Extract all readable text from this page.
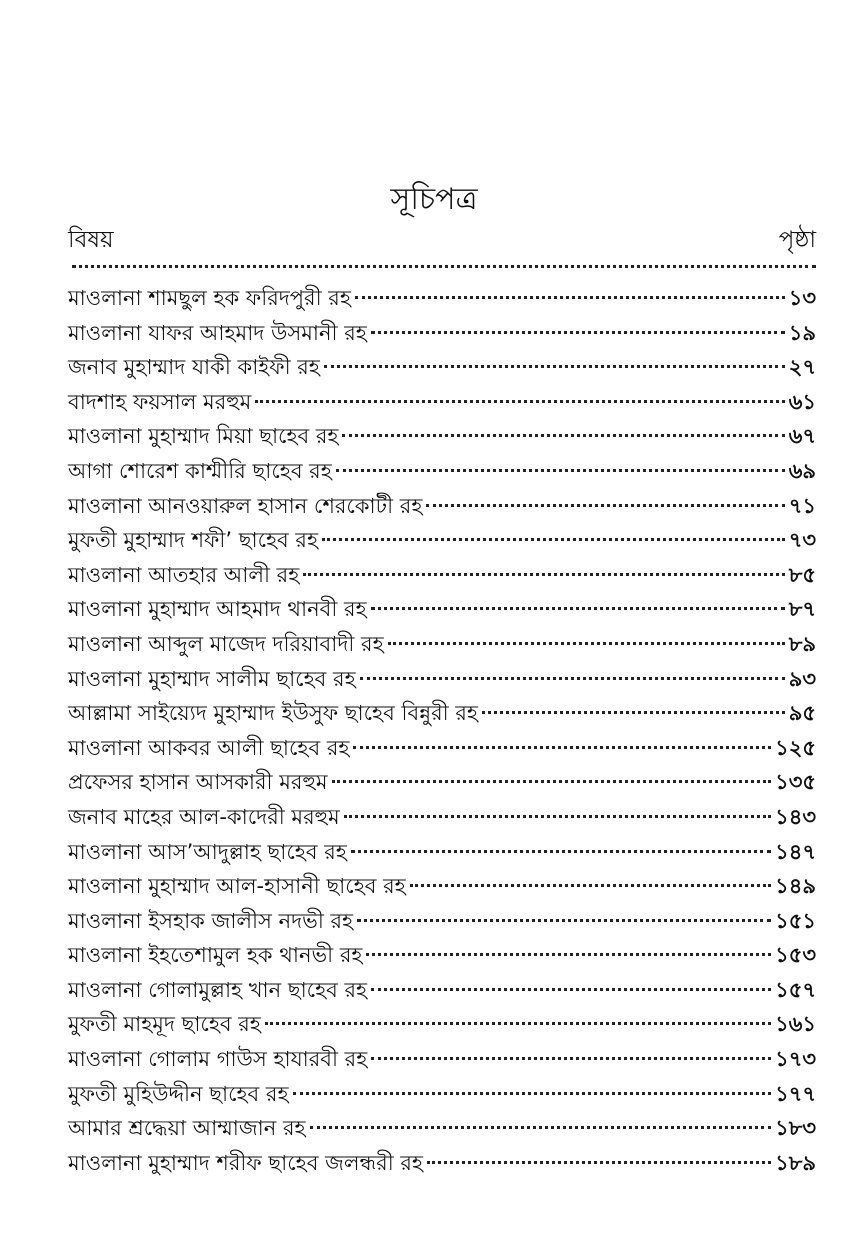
সূচিপত্র
বিষয়	পৃষ্ঠা
মাওলানা শামছুল হক ফরিদপুরী রহ	১৩
মাওলানা যাফর আহমাদ উসমানী রহ	১৯
জনাব মুহাম্মাদ যাকী কাইফী রহ	২৭
বাদশাহ ফয়সাল মরহুম	৬১
মাওলানা মুহাম্মাদ মিয়া ছাহেব রহ	৬৭
আগা শোরেশ কাশ্মীরি ছাহেব রহ	৬৯
মাওলানা আনওয়ারুল হাসান শেরকোটী রহ	৭১
মুফতী মুহাম্মাদ শফী’ ছাহেব রহ	৭৩
মাওলানা আতহার আলী রহ	৮৫
মাওলানা মুহাম্মাদ আহমাদ থানবী রহ	৮৭
মাওলানা আব্দুল মাজেদ দরিয়াবাদী রহ	৮৯
মাওলানা মুহাম্মাদ সালীম ছাহেব রহ	৯৩
আল্লামা সাইয়্যেদ মুহাম্মাদ ইউসুফ ছাহেব বিন্নুরী রহ	৯৫
মাওলানা আকবর আলী ছাহেব রহ	১২৫
প্রফেসর হাসান আসকারী মরহুম	১৩৫
জনাব মাহের আল-কাদেরী মরহুম	১৪৩
মাওলানা আস’আদুল্লাহ ছাহেব রহ	১৪৭
মাওলানা মুহাম্মাদ আল-হাসানী ছাহেব রহ	১৪৯
মাওলানা ইসহাক জালীস নদভী রহ	১৫১
মাওলানা ইহতেশামুল হক থানভী রহ	১৫৩
মাওলানা গোলামুল্লাহ খান ছাহেব রহ	১৫৭
মুফতী মাহমূদ ছাহেব রহ	১৬১
মাওলানা গোলাম গাউস হাযারবী রহ	১৭৩
মুফতী মুহিউদ্দীন ছাহেব রহ	১৭৭
আমার শ্রদ্ধেয়া আম্মাজান রহ	১৮৩
মাওলানা মুহাম্মাদ শরীফ ছাহেব জলন্ধরী রহ	১৮৯
